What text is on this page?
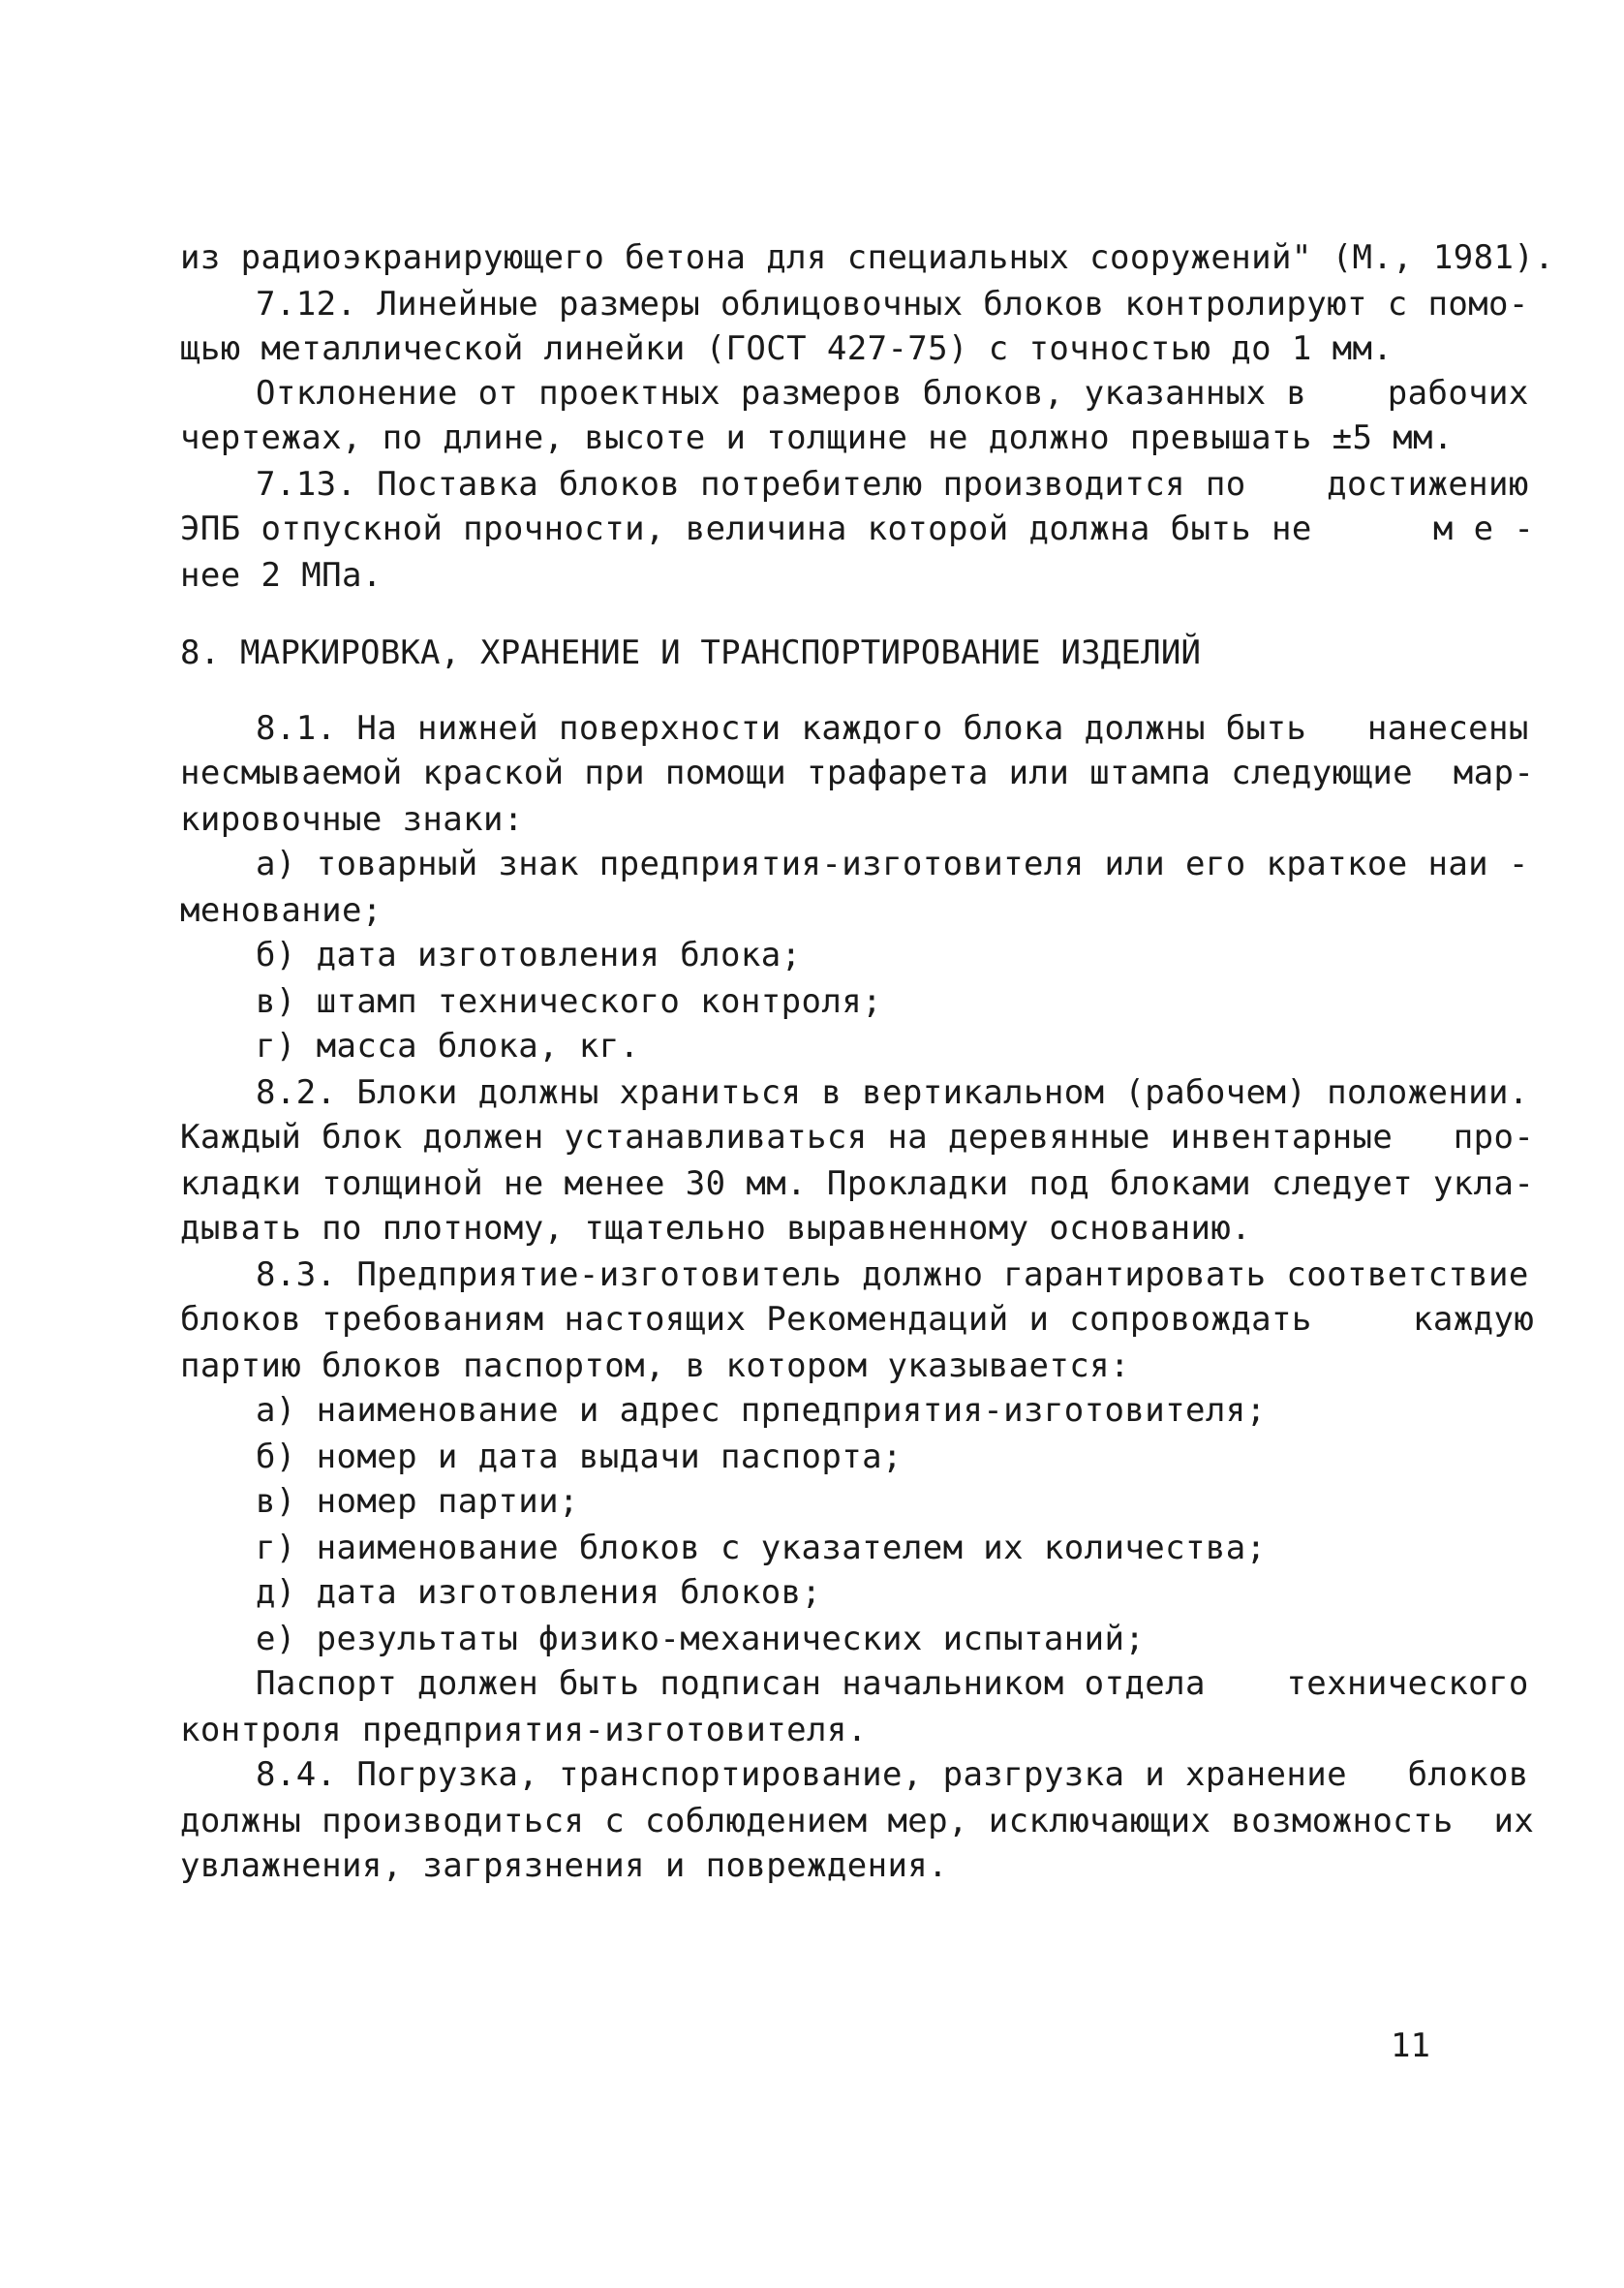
из радиоэкранирующего бетона для специальных сооружений" (М., 1981).
7.12. Линейные размеры облицовочных блоков контролируют с помо-
щью металлической линейки (ГОСТ 427-75) с точностью до 1 мм.
Отклонение от проектных размеров блоков, указанных в    рабочих
чертежах, по длине, высоте и толщине не должно превышать ±5 мм.
7.13. Поставка блоков потребителю производится по    достижению
ЭПБ отпускной прочности, величина которой должна быть не      м е -
нее 2 МПа.
8. МАРКИРОВКА, ХРАНЕНИЕ И ТРАНСПОРТИРОВАНИЕ ИЗДЕЛИЙ
8.1. На нижней поверхности каждого блока должны быть   нанесены
несмываемой краской при помощи трафарета или штампа следующие  мар-
кировочные знаки:
а) товарный знак предприятия-изготовителя или его краткое наи -
менование;
б) дата изготовления блока;
в) штамп технического контроля;
г) масса блока, кг.
8.2. Блоки должны храниться в вертикальном (рабочем) положении.
Каждый блок должен устанавливаться на деревянные инвентарные   про-
кладки толщиной не менее 30 мм. Прокладки под блоками следует укла-
дывать по плотному, тщательно выравненному основанию.
8.3. Предприятие-изготовитель должно гарантировать соответствие
блоков требованиям настоящих Рекомендаций и сопровождать     каждую
партию блоков паспортом, в котором указывается:
а) наименование и адрес прпедприятия-изготовителя;
б) номер и дата выдачи паспорта;
в) номер партии;
г) наименование блоков с указателем их количества;
д) дата изготовления блоков;
е) результаты физико-механических испытаний;
Паспорт должен быть подписан начальником отдела    технического
контроля предприятия-изготовителя.
8.4. Погрузка, транспортирование, разгрузка и хранение   блоков
должны производиться с соблюдением мер, исключающих возможность  их
увлажнения, загрязнения и повреждения.
11
